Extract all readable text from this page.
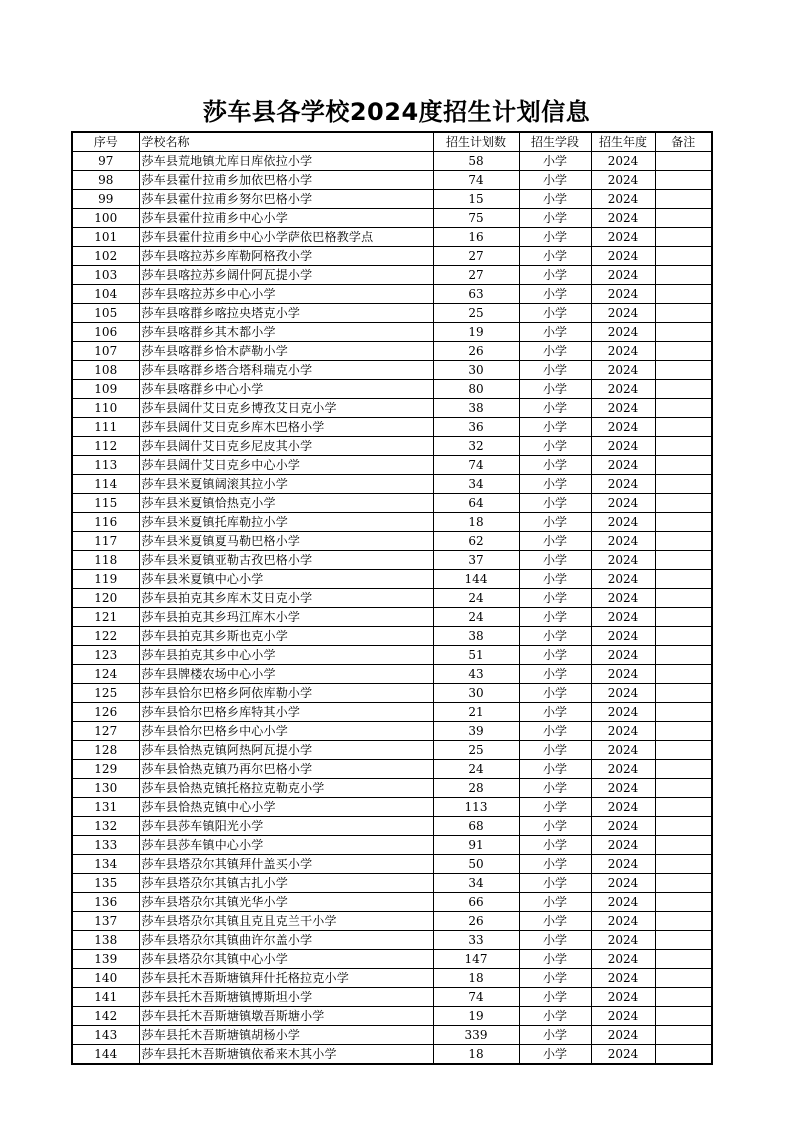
莎车县各学校2024度招生计划信息
序号	学校名称	招生计划数	招生学段	招生年度	备注
97	莎车县荒地镇尤库日库依拉小学	58	小学	2024	
98	莎车县霍什拉甫乡加依巴格小学	74	小学	2024	
99	莎车县霍什拉甫乡努尔巴格小学	15	小学	2024	
100	莎车县霍什拉甫乡中心小学	75	小学	2024	
101	莎车县霍什拉甫乡中心小学萨依巴格教学点	16	小学	2024	
102	莎车县喀拉苏乡库勒阿格孜小学	27	小学	2024	
103	莎车县喀拉苏乡阔什阿瓦提小学	27	小学	2024	
104	莎车县喀拉苏乡中心小学	63	小学	2024	
105	莎车县喀群乡喀拉央塔克小学	25	小学	2024	
106	莎车县喀群乡其木都小学	19	小学	2024	
107	莎车县喀群乡恰木萨勒小学	26	小学	2024	
108	莎车县喀群乡塔合塔科瑞克小学	30	小学	2024	
109	莎车县喀群乡中心小学	80	小学	2024	
110	莎车县阔什艾日克乡博孜艾日克小学	38	小学	2024	
111	莎车县阔什艾日克乡库木巴格小学	36	小学	2024	
112	莎车县阔什艾日克乡尼皮其小学	32	小学	2024	
113	莎车县阔什艾日克乡中心小学	74	小学	2024	
114	莎车县米夏镇阔滚其拉小学	34	小学	2024	
115	莎车县米夏镇恰热克小学	64	小学	2024	
116	莎车县米夏镇托库勒拉小学	18	小学	2024	
117	莎车县米夏镇夏马勒巴格小学	62	小学	2024	
118	莎车县米夏镇亚勒古孜巴格小学	37	小学	2024	
119	莎车县米夏镇中心小学	144	小学	2024	
120	莎车县拍克其乡库木艾日克小学	24	小学	2024	
121	莎车县拍克其乡玛江库木小学	24	小学	2024	
122	莎车县拍克其乡斯也克小学	38	小学	2024	
123	莎车县拍克其乡中心小学	51	小学	2024	
124	莎车县牌楼农场中心小学	43	小学	2024	
125	莎车县恰尔巴格乡阿依库勒小学	30	小学	2024	
126	莎车县恰尔巴格乡库特其小学	21	小学	2024	
127	莎车县恰尔巴格乡中心小学	39	小学	2024	
128	莎车县恰热克镇阿热阿瓦提小学	25	小学	2024	
129	莎车县恰热克镇乃再尔巴格小学	24	小学	2024	
130	莎车县恰热克镇托格拉克勒克小学	28	小学	2024	
131	莎车县恰热克镇中心小学	113	小学	2024	
132	莎车县莎车镇阳光小学	68	小学	2024	
133	莎车县莎车镇中心小学	91	小学	2024	
134	莎车县塔尕尔其镇拜什盖买小学	50	小学	2024	
135	莎车县塔尕尔其镇古扎小学	34	小学	2024	
136	莎车县塔尕尔其镇光华小学	66	小学	2024	
137	莎车县塔尕尔其镇且克且克兰干小学	26	小学	2024	
138	莎车县塔尕尔其镇曲许尔盖小学	33	小学	2024	
139	莎车县塔尕尔其镇中心小学	147	小学	2024	
140	莎车县托木吾斯塘镇拜什托格拉克小学	18	小学	2024	
141	莎车县托木吾斯塘镇博斯坦小学	74	小学	2024	
142	莎车县托木吾斯塘镇墩吾斯塘小学	19	小学	2024	
143	莎车县托木吾斯塘镇胡杨小学	339	小学	2024	
144	莎车县托木吾斯塘镇依希来木其小学	18	小学	2024	
